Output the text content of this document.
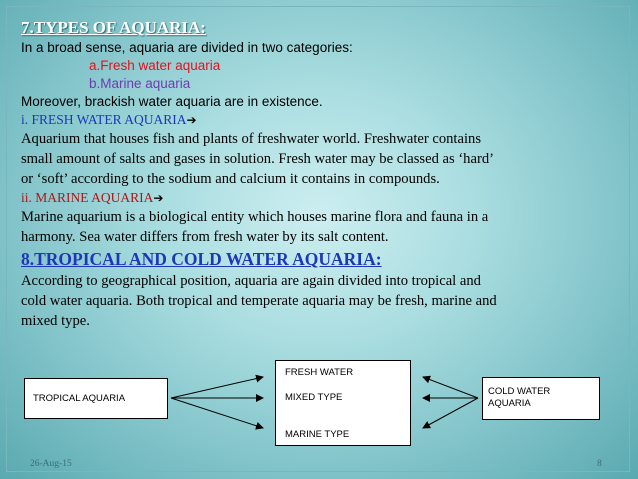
7.TYPES OF AQUARIA:

In a broad sense, aquaria are divided in two categories:

a.Fresh water aquaria

b.Marine aquaria

Moreover, brackish water aquaria are in existence.

i. FRESH WATER AQUARIA➔

Aquarium that houses fish and plants of freshwater world. Freshwater contains

small amount of salts and gases in solution. Fresh water may be classed as ‘hard’

or ‘soft’ according to the sodium and calcium it contains in compounds.

ii. MARINE AQUARIA➔

Marine aquarium is a biological entity which houses marine flora and fauna in a

harmony. Sea water differs from fresh water by its salt content.

8.TROPICAL AND COLD WATER AQUARIA:

According to geographical position, aquaria are again divided into tropical and

cold water aquaria. Both tropical and temperate aquaria may be fresh, marine and

mixed type.

TROPICAL AQUARIA
FRESH WATER
MIXED TYPE
MARINE TYPE
COLD WATER
AQUARIA
26-Aug-15	8
